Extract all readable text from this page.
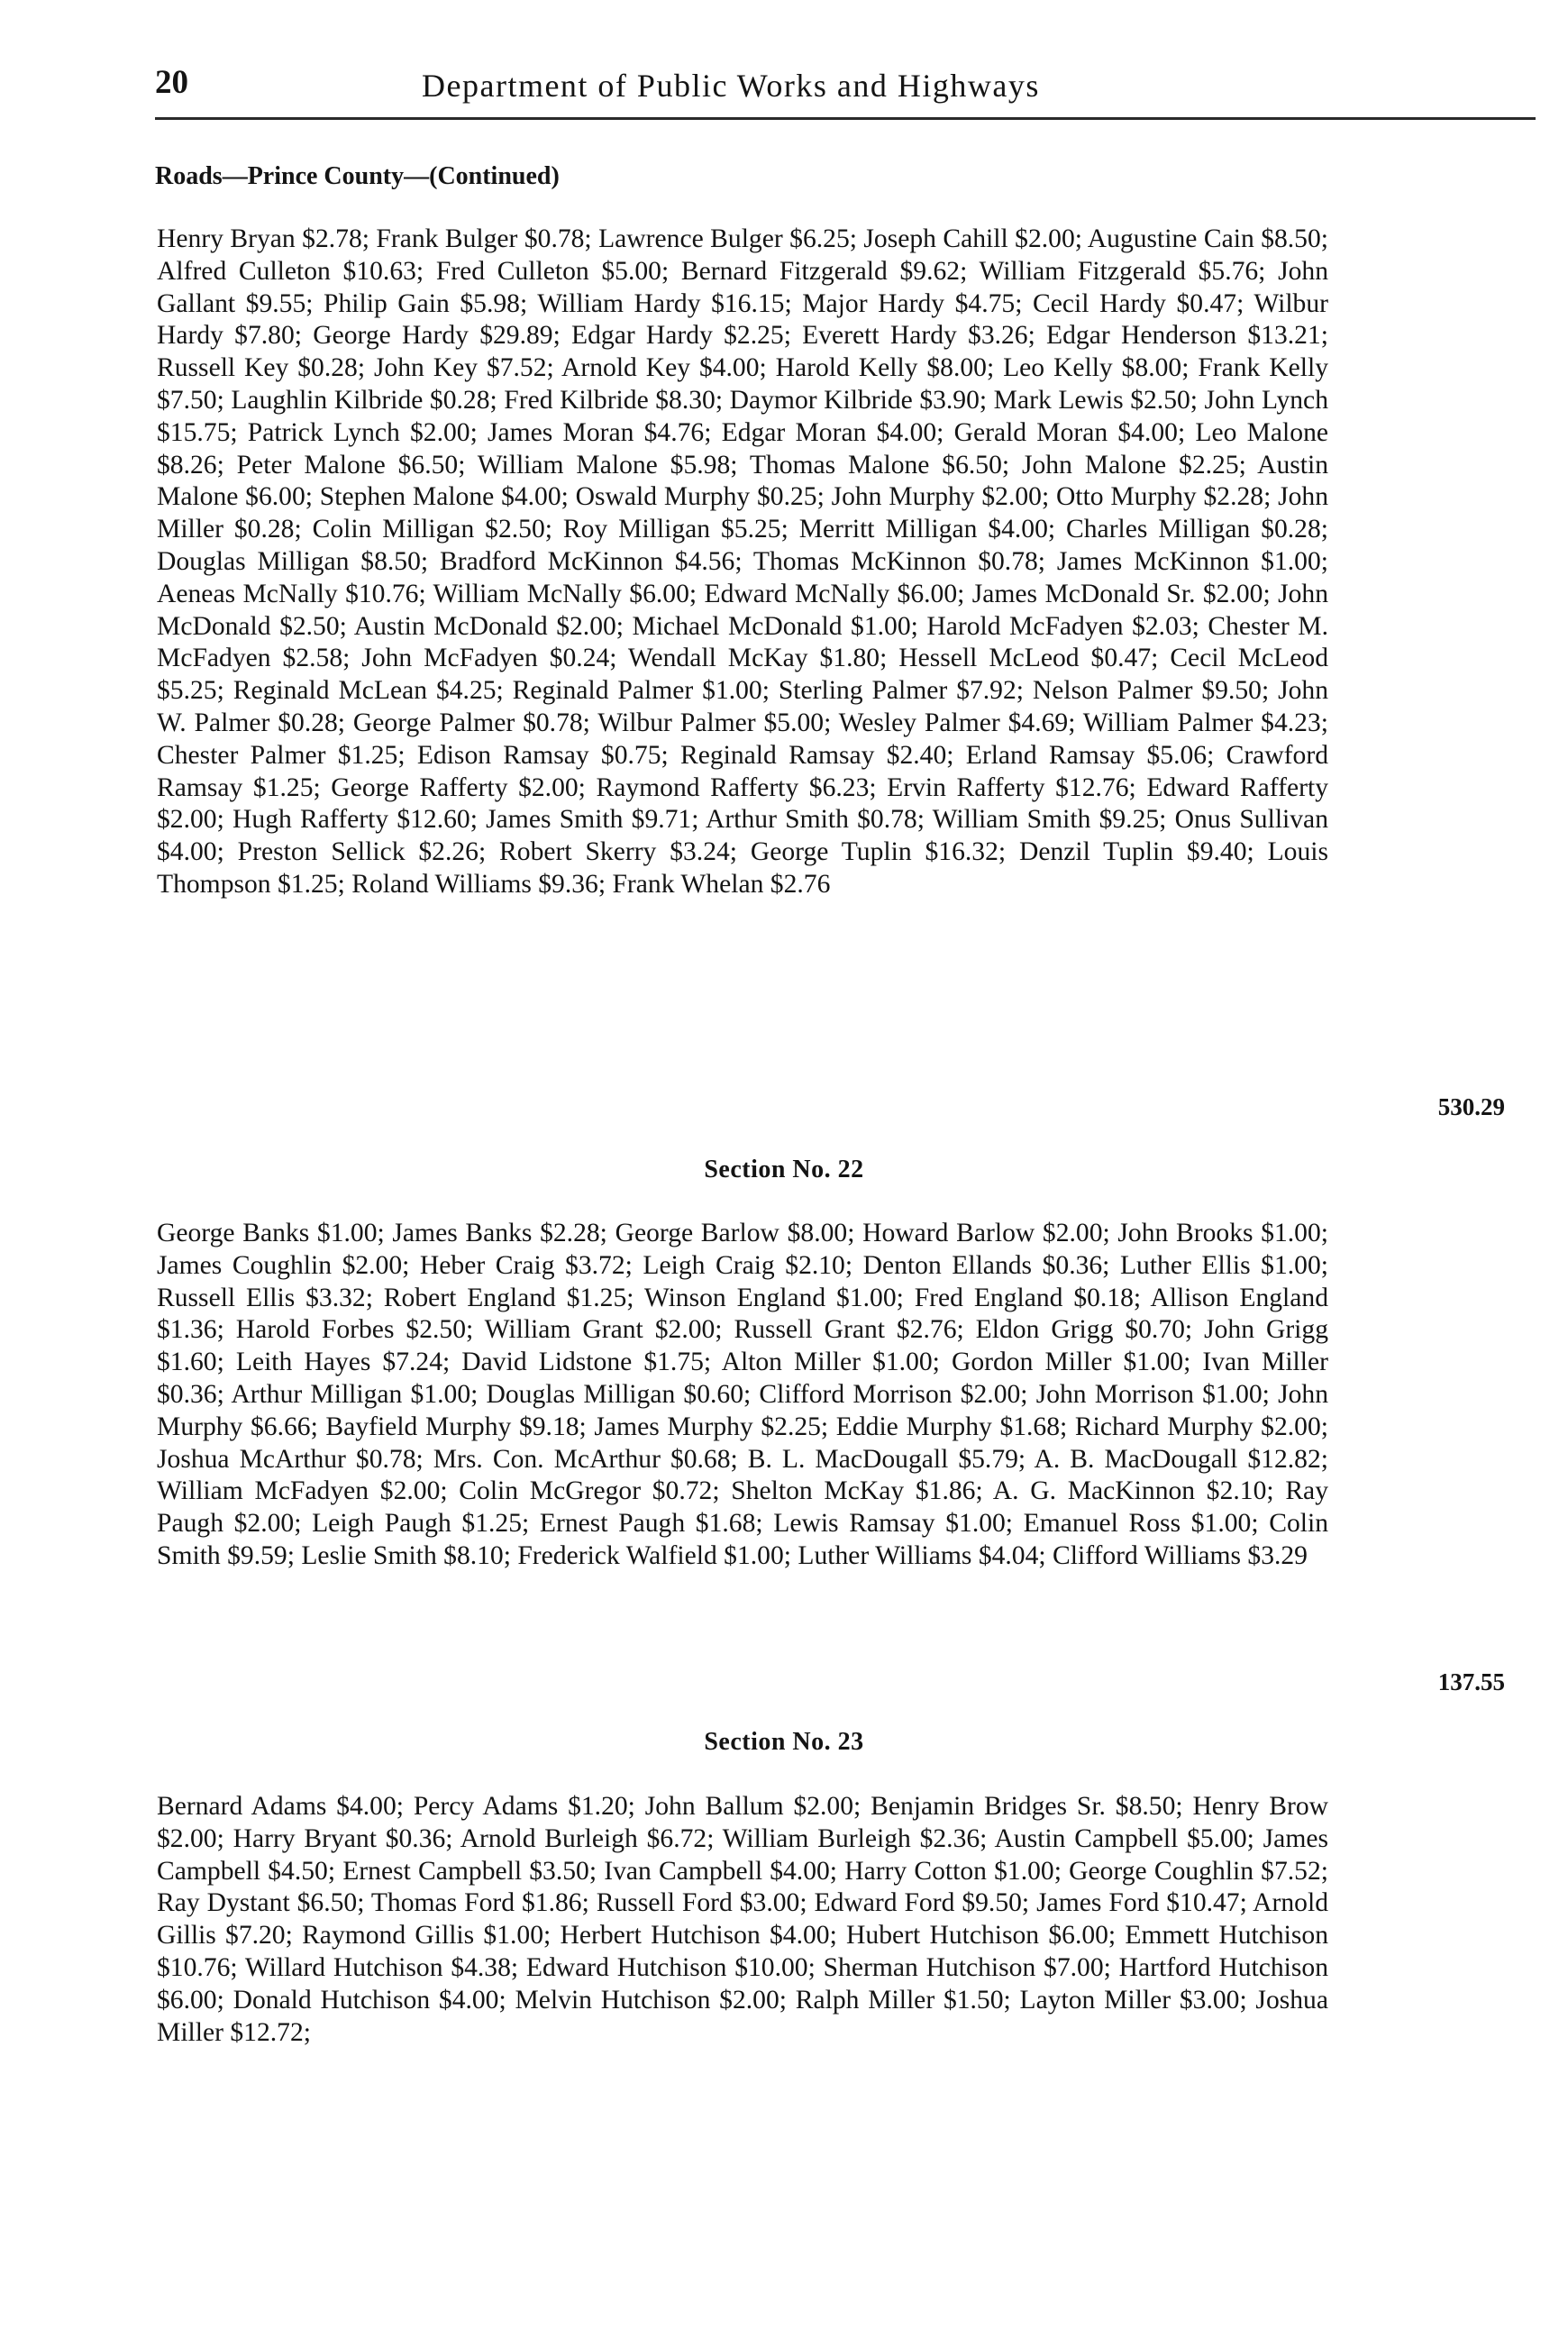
20	Department of Public Works and Highways
Roads—Prince County—(Continued)

Henry Bryan $2.78; Frank Bulger $0.78; Lawrence Bulger $6.25; Joseph Cahill $2.00; Augustine Cain $8.50; Alfred Culleton $10.63; Fred Culleton $5.00; Bernard Fitzgerald $9.62; William Fitzgerald $5.76; John Gallant $9.55; Philip Gain $5.98; William Hardy $16.15; Major Hardy $4.75; Cecil Hardy $0.47; Wilbur Hardy $7.80; George Hardy $29.89; Edgar Hardy $2.25; Everett Hardy $3.26; Edgar Henderson $13.21; Russell Key $0.28; John Key $7.52; Arnold Key $4.00; Harold Kelly $8.00; Leo Kelly $8.00; Frank Kelly $7.50; Laughlin Kilbride $0.28; Fred Kilbride $8.30; Daymor Kilbride $3.90; Mark Lewis $2.50; John Lynch $15.75; Patrick Lynch $2.00; James Moran $4.76; Edgar Moran $4.00; Gerald Moran $4.00; Leo Malone $8.26; Peter Malone $6.50; William Malone $5.98; Thomas Malone $6.50; John Malone $2.25; Austin Malone $6.00; Stephen Malone $4.00; Oswald Murphy $0.25; John Murphy $2.00; Otto Murphy $2.28; John Miller $0.28; Colin Milligan $2.50; Roy Milligan $5.25; Merritt Milligan $4.00; Charles Milligan $0.28; Douglas Milligan $8.50; Bradford McKinnon $4.56; Thomas McKinnon $0.78; James McKinnon $1.00; Aeneas McNally $10.76; William McNally $6.00; Edward McNally $6.00; James McDonald Sr. $2.00; John McDonald $2.50; Austin McDonald $2.00; Michael McDonald $1.00; Harold McFadyen $2.03; Chester M. McFadyen $2.58; John McFadyen $0.24; Wendall McKay $1.80; Hessell McLeod $0.47; Cecil McLeod $5.25; Reginald McLean $4.25; Reginald Palmer $1.00; Sterling Palmer $7.92; Nelson Palmer $9.50; John W. Palmer $0.28; George Palmer $0.78; Wilbur Palmer $5.00; Wesley Palmer $4.69; William Palmer $4.23; Chester Palmer $1.25; Edison Ramsay $0.75; Reginald Ramsay $2.40; Erland Ramsay $5.06; Crawford Ramsay $1.25; George Rafferty $2.00; Raymond Rafferty $6.23; Ervin Rafferty $12.76; Edward Rafferty $2.00; Hugh Rafferty $12.60; James Smith $9.71; Arthur Smith $0.78; William Smith $9.25; Onus Sullivan $4.00; Preston Sellick $2.26; Robert Skerry $3.24; George Tuplin $16.32; Denzil Tuplin $9.40; Louis Thompson $1.25; Roland Williams $9.36; Frank Whelan $2.76

530.29
Section No. 22

George Banks $1.00; James Banks $2.28; George Barlow $8.00; Howard Barlow $2.00; John Brooks $1.00; James Coughlin $2.00; Heber Craig $3.72; Leigh Craig $2.10; Denton Ellands $0.36; Luther Ellis $1.00; Russell Ellis $3.32; Robert England $1.25; Winson England $1.00; Fred England $0.18; Allison England $1.36; Harold Forbes $2.50; William Grant $2.00; Russell Grant $2.76; Eldon Grigg $0.70; John Grigg $1.60; Leith Hayes $7.24; David Lidstone $1.75; Alton Miller $1.00; Gordon Miller $1.00; Ivan Miller $0.36; Arthur Milligan $1.00; Douglas Milligan $0.60; Clifford Morrison $2.00; John Morrison $1.00; John Murphy $6.66; Bayfield Murphy $9.18; James Murphy $2.25; Eddie Murphy $1.68; Richard Murphy $2.00; Joshua McArthur $0.78; Mrs. Con. McArthur $0.68; B. L. MacDougall $5.79; A. B. MacDougall $12.82; William McFadyen $2.00; Colin McGregor $0.72; Shelton McKay $1.86; A. G. MacKinnon $2.10; Ray Paugh $2.00; Leigh Paugh $1.25; Ernest Paugh $1.68; Lewis Ramsay $1.00; Emanuel Ross $1.00; Colin Smith $9.59; Leslie Smith $8.10; Frederick Walfield $1.00; Luther Williams $4.04; Clifford Williams $3.29

137.55
Section No. 23

Bernard Adams $4.00; Percy Adams $1.20; John Ballum $2.00; Benjamin Bridges Sr. $8.50; Henry Brow $2.00; Harry Bryant $0.36; Arnold Burleigh $6.72; William Burleigh $2.36; Austin Campbell $5.00; James Campbell $4.50; Ernest Campbell $3.50; Ivan Campbell $4.00; Harry Cotton $1.00; George Coughlin $7.52; Ray Dystant $6.50; Thomas Ford $1.86; Russell Ford $3.00; Edward Ford $9.50; James Ford $10.47; Arnold Gillis $7.20; Raymond Gillis $1.00; Herbert Hutchison $4.00; Hubert Hutchison $6.00; Emmett Hutchison $10.76; Willard Hutchison $4.38; Edward Hutchison $10.00; Sherman Hutchison $7.00; Hartford Hutchison $6.00; Donald Hutchison $4.00; Melvin Hutchison $2.00; Ralph Miller $1.50; Layton Miller $3.00; Joshua Miller $12.72;
